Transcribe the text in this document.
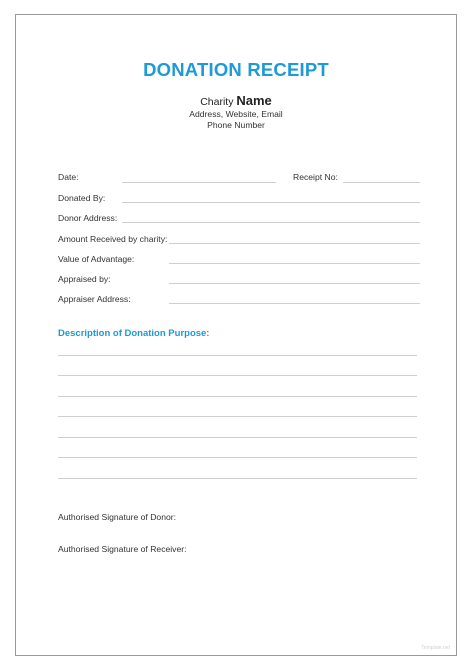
DONATION RECEIPT
Charity Name
Address, Website, Email
Phone Number
Date:	Receipt No:
Donated By:
Donor Address:
Amount Received by charity:
Value of Advantage:
Appraised by:
Appraiser Address:
Description of Donation Purpose:
Authorised Signature of Donor:
Authorised Signature of Receiver:
Template.net
